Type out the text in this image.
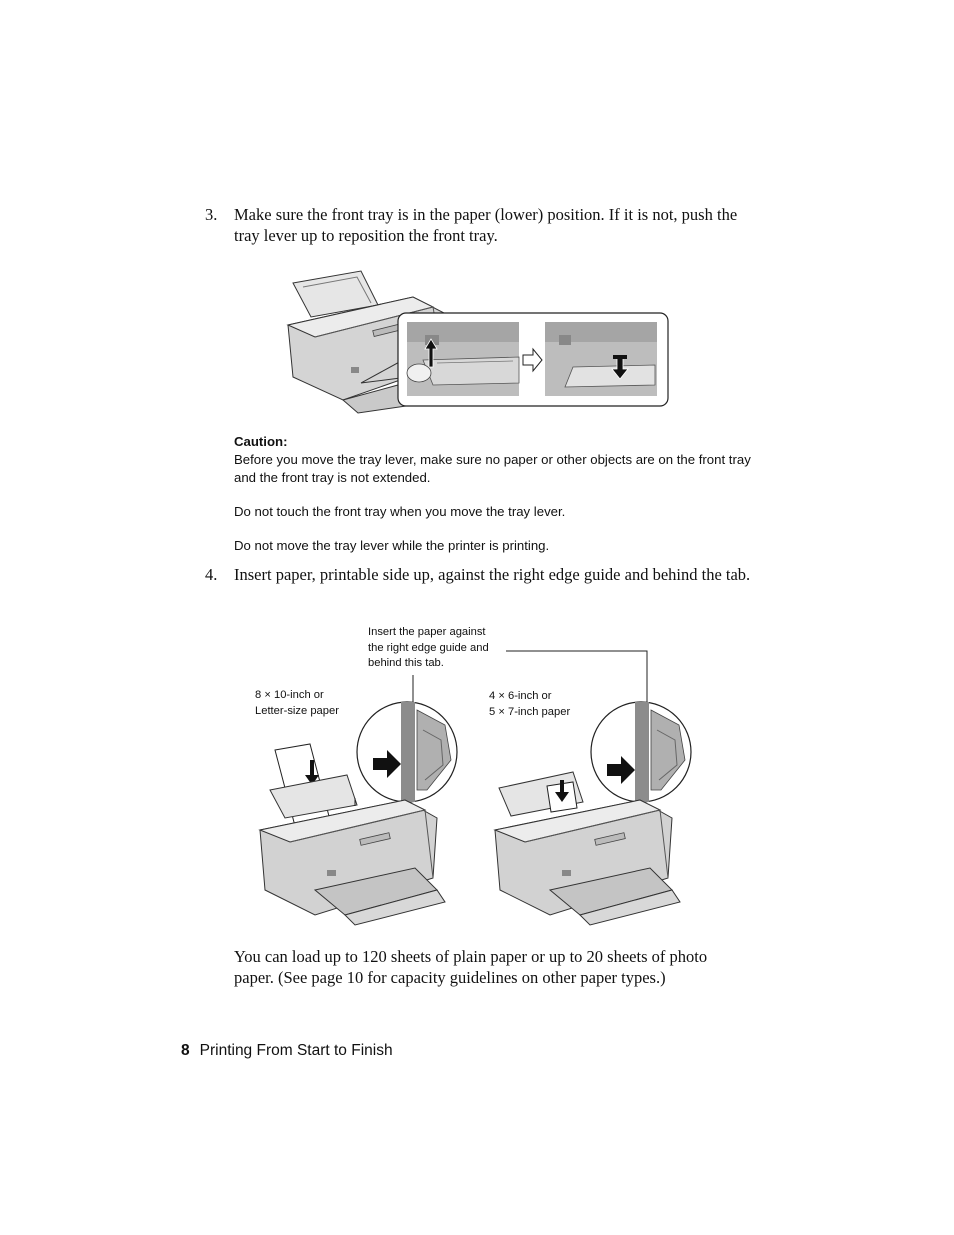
3. Make sure the front tray is in the paper (lower) position. If it is not, push the tray lever up to reposition the front tray.

Caution:

Before you move the tray lever, make sure no paper or other objects are on the front tray and the front tray is not extended.

Do not touch the front tray when you move the tray lever.

Do not move the tray lever while the printer is printing.

4. Insert paper, printable side up, against the right edge guide and behind the tab.
Insert the paper against
the right edge guide and
behind this tab.
8 × 10-inch or
Letter-size paper
4 × 6-inch or
5 × 7-inch paper
You can load up to 120 sheets of plain paper or up to 20 sheets of photo paper. (See page 10 for capacity guidelines on other paper types.)
8 Printing From Start to Finish
